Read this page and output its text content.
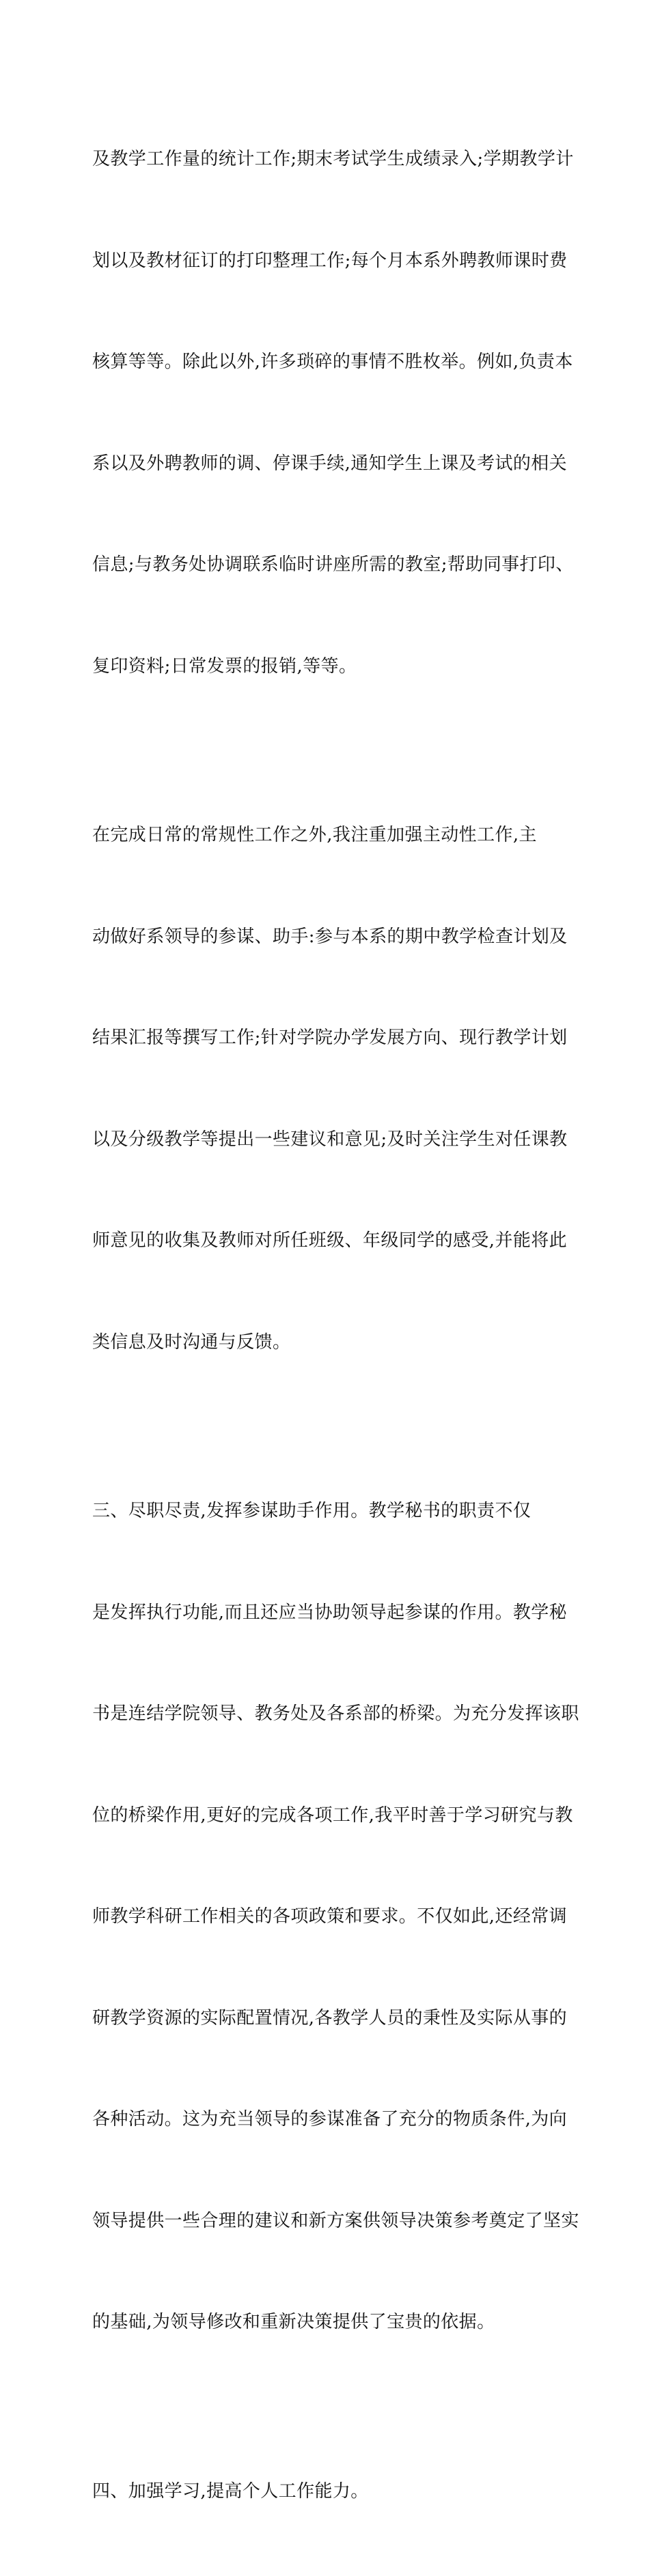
及教学工作量的统计工作;期末考试学生成绩录入;学期教学计

划以及教材征订的打印整理工作;每个月本系外聘教师课时费

核算等等。除此以外,许多琐碎的事情不胜枚举。例如,负责本

系以及外聘教师的调、停课手续,通知学生上课及考试的相关

信息;与教务处协调联系临时讲座所需的教室;帮助同事打印、

复印资料;日常发票的报销,等等。

在完成日常的常规性工作之外,我注重加强主动性工作,主

动做好系领导的参谋、助手:参与本系的期中教学检查计划及

结果汇报等撰写工作;针对学院办学发展方向、现行教学计划

以及分级教学等提出一些建议和意见;及时关注学生对任课教

师意见的收集及教师对所任班级、年级同学的感受,并能将此

类信息及时沟通与反馈。

三、尽职尽责,发挥参谋助手作用。教学秘书的职责不仅

是发挥执行功能,而且还应当协助领导起参谋的作用。教学秘

书是连结学院领导、教务处及各系部的桥梁。为充分发挥该职

位的桥梁作用,更好的完成各项工作,我平时善于学习研究与教

师教学科研工作相关的各项政策和要求。不仅如此,还经常调

研教学资源的实际配置情况,各教学人员的秉性及实际从事的

各种活动。这为充当领导的参谋准备了充分的物质条件,为向

领导提供一些合理的建议和新方案供领导决策参考奠定了坚实

的基础,为领导修改和重新决策提供了宝贵的依据。

四、加强学习,提高个人工作能力。
